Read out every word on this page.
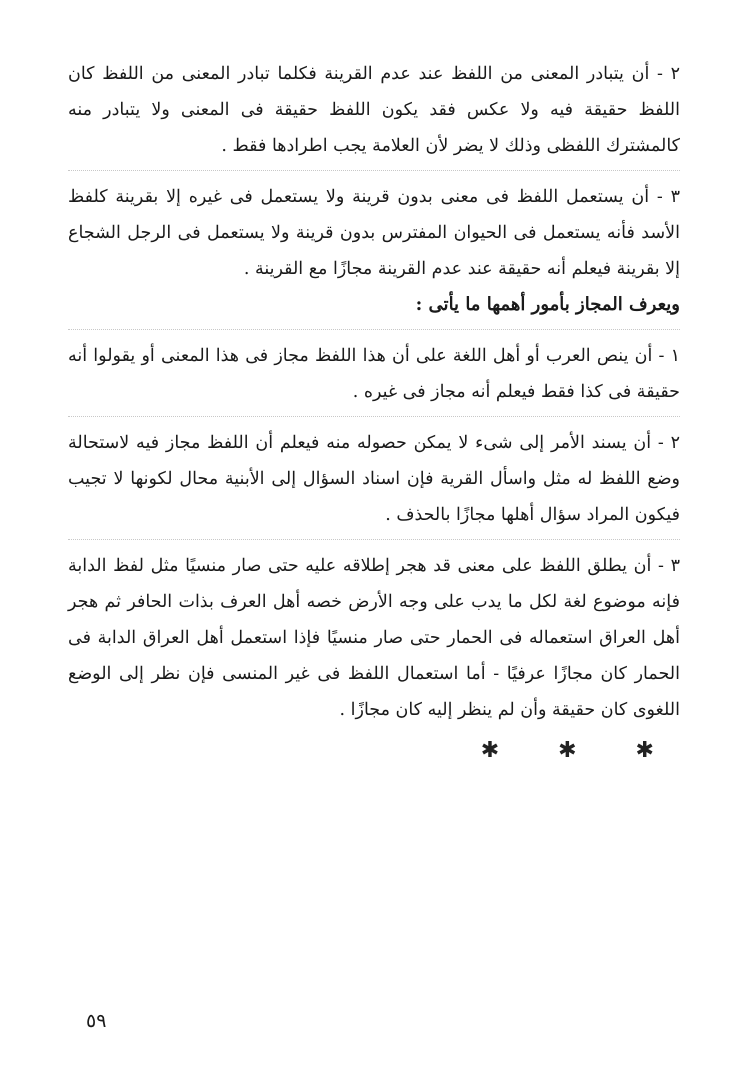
٢ - أن يتبادر المعنى من اللفظ عند عدم القرينة فكلما تبادر المعنى من اللفظ كان اللفظ حقيقة فيه ولا عكس فقد يكون اللفظ حقيقة فى المعنى ولا يتبادر منه كالمشترك اللفظى وذلك لا يضر لأن العلامة يجب اطرادها فقط .

٣ - أن يستعمل اللفظ فى معنى بدون قرينة ولا يستعمل فى غيره إلا بقرينة كلفظ الأسد فأنه يستعمل فى الحيوان المفترس بدون قرينة ولا يستعمل فى الرجل الشجاع إلا بقرينة فيعلم أنه حقيقة عند عدم القرينة مجازًا مع القرينة .

ويعرف المجاز بأمور أهمها ما يأتى :

١ - أن ينص العرب أو أهل اللغة على أن هذا اللفظ مجاز فى هذا المعنى أو يقولوا أنه حقيقة فى كذا فقط فيعلم أنه مجاز فى غيره .

٢ - أن يسند الأمر إلى شىء لا يمكن حصوله منه فيعلم أن اللفظ مجاز فيه لاستحالة وضع اللفظ له مثل واسأل القرية فإن اسناد السؤال إلى الأبنية محال لكونها لا تجيب فيكون المراد سؤال أهلها مجازًا بالحذف .

٣ - أن يطلق اللفظ على معنى قد هجر إطلاقه عليه حتى صار منسيًا مثل لفظ الدابة فإنه موضوع لغة لكل ما يدب على وجه الأرض خصه أهل العرف بذات الحافر ثم هجر أهل العراق استعماله فى الحمار حتى صار منسيًا فإذا استعمل أهل العراق الدابة فى الحمار كان مجازًا عرفيًا - أما استعمال اللفظ فى غير المنسى فإن نظر إلى الوضع اللغوى كان حقيقة وأن لم ينظر إليه كان مجازًا .

✱ ✱ ✱
٥٩
